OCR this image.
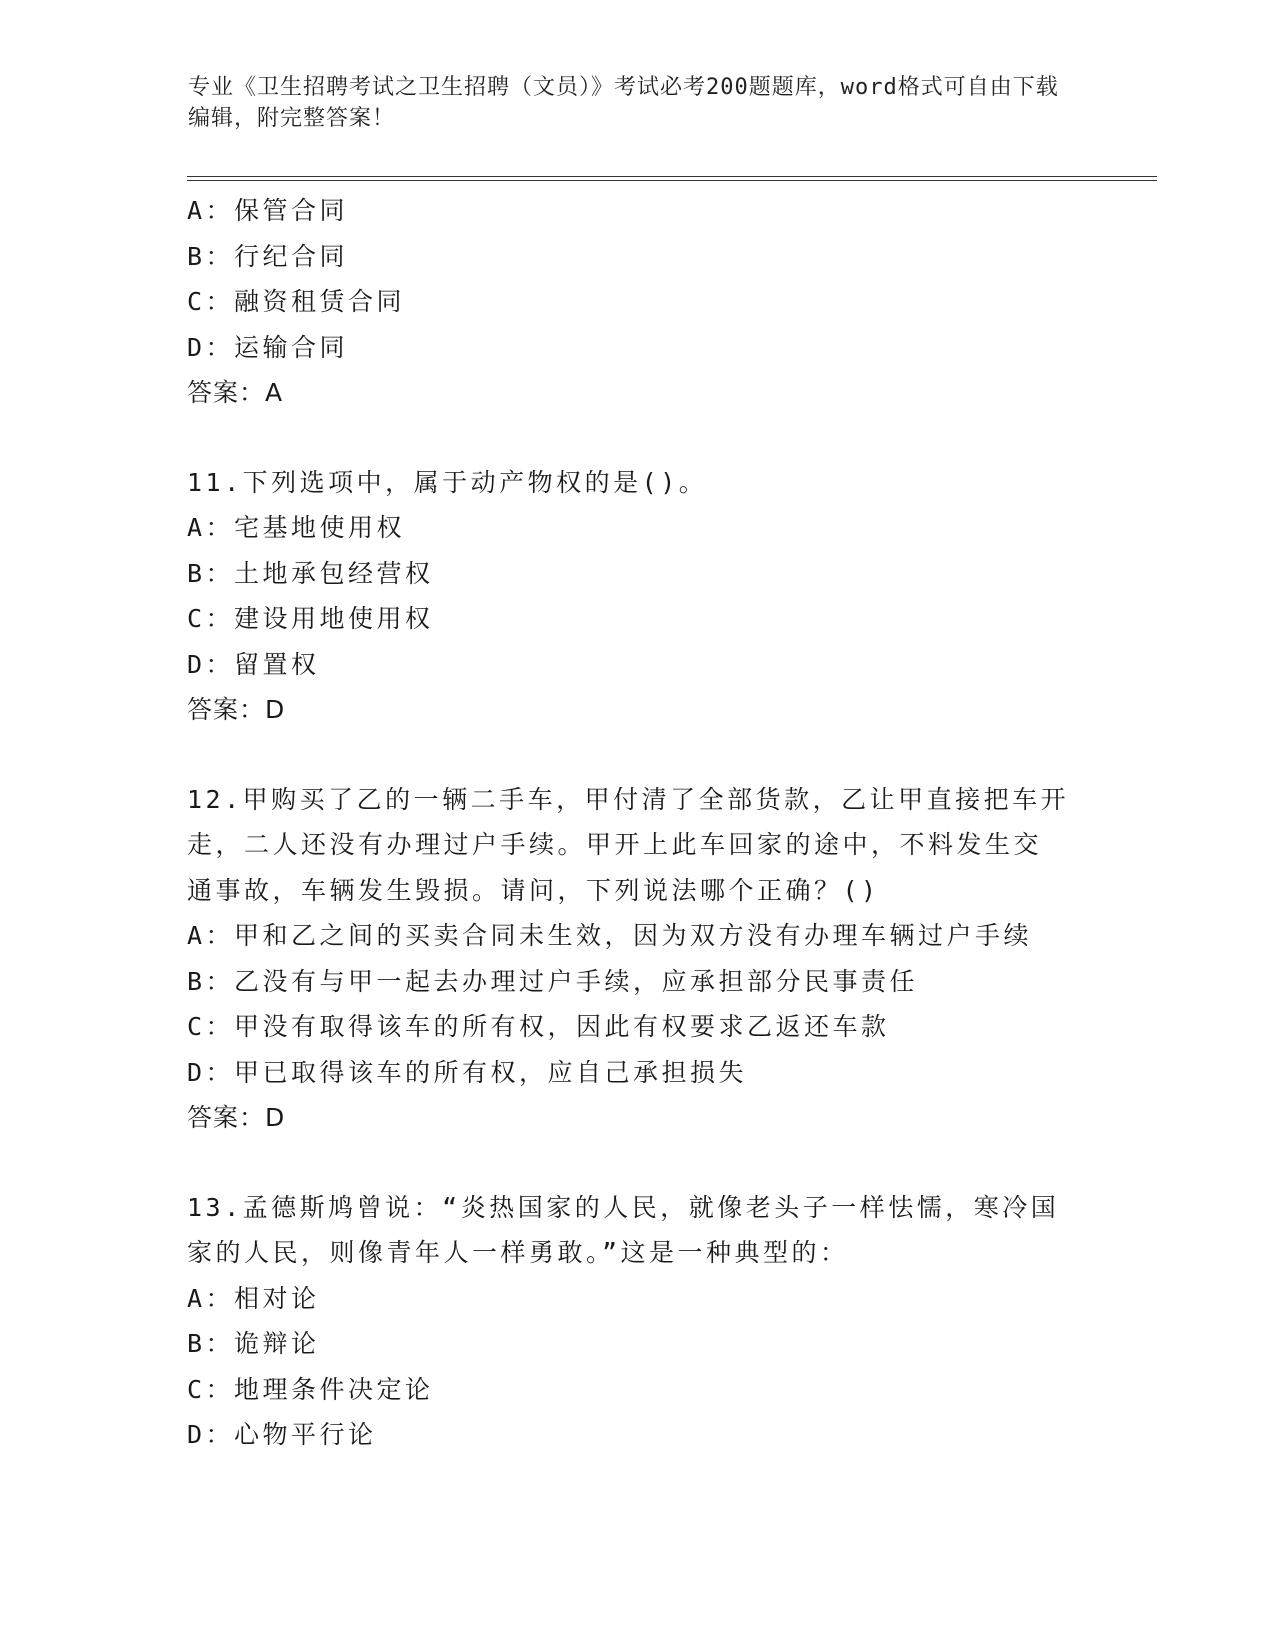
专业《卫生招聘考试之卫生招聘（文员）》考试必考200题题库，word格式可自由下载编辑，附完整答案！
A：保管合同
B：行纪合同
C：融资租赁合同
D：运输合同
答案：A
11.下列选项中，属于动产物权的是()。
A：宅基地使用权
B：土地承包经营权
C：建设用地使用权
D：留置权
答案：D
12.甲购买了乙的一辆二手车，甲付清了全部货款，乙让甲直接把车开
走，二人还没有办理过户手续。甲开上此车回家的途中，不料发生交
通事故，车辆发生毁损。请问，下列说法哪个正确？()
A：甲和乙之间的买卖合同未生效，因为双方没有办理车辆过户手续
B：乙没有与甲一起去办理过户手续，应承担部分民事责任
C：甲没有取得该车的所有权，因此有权要求乙返还车款
D：甲已取得该车的所有权，应自己承担损失
答案：D
13.孟德斯鸠曾说：“炎热国家的人民，就像老头子一样怯懦，寒冷国
家的人民，则像青年人一样勇敢。”这是一种典型的：
A：相对论
B：诡辩论
C：地理条件决定论
D：心物平行论
